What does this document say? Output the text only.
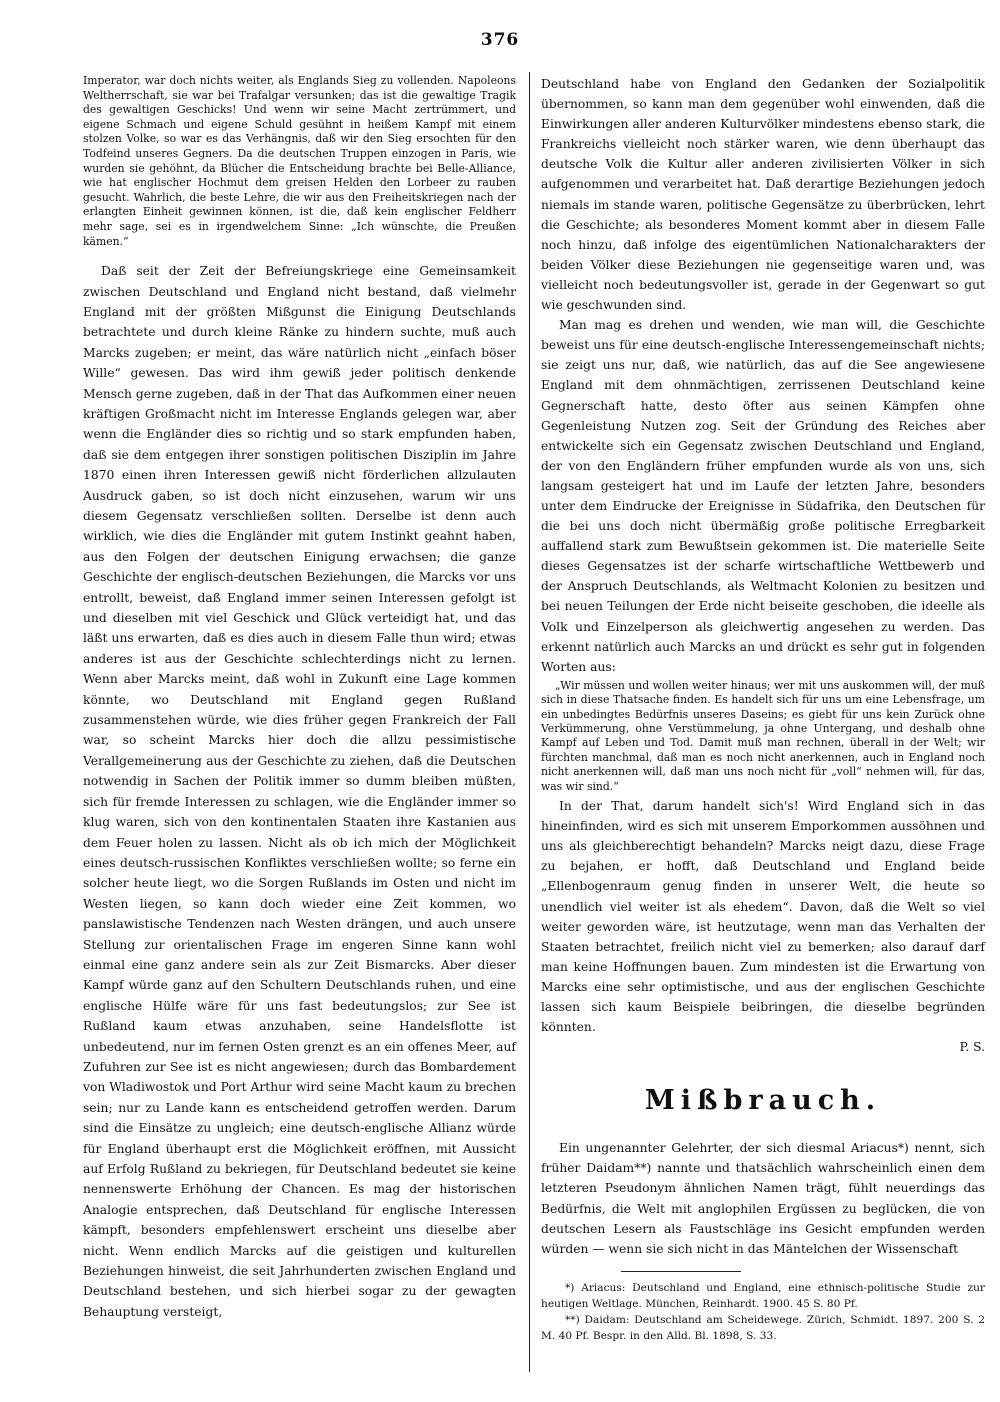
376

Imperator, war doch nichts weiter, als Englands Sieg zu vollenden. Napoleons Weltherrschaft, sie war bei Trafalgar versunken; das ist die gewaltige Tragik des gewaltigen Geschicks! Und wenn wir seine Macht zertrümmert, und eigene Schmach und eigene Schuld gesühnt in heißem Kampf mit einem stolzen Volke, so war es das Verhängnis, daß wir den Sieg ersochten für den Todfeind unseres Gegners. Da die deutschen Truppen einzogen in Paris, wie wurden sie gehöhnt, da Blücher die Entscheidung brachte bei Belle-Alliance, wie hat englischer Hochmut dem greisen Helden den Lorbeer zu rauben gesucht. Wahrlich, die beste Lehre, die wir aus den Freiheitskriegen nach der erlangten Einheit gewinnen können, ist die, daß kein englischer Feldherr mehr sage, sei es in irgendwelchem Sinne: „Ich wünschte, die Preußen kämen.“

Daß seit der Zeit der Befreiungskriege eine Gemeinsamkeit zwischen Deutschland und England nicht bestand, daß vielmehr England mit der größten Mißgunst die Einigung Deutschlands betrachtete und durch kleine Ränke zu hindern suchte, muß auch Marcks zugeben; er meint, das wäre natürlich nicht „einfach böser Wille“ gewesen. Das wird ihm gewiß jeder politisch denkende Mensch gerne zugeben, daß in der That das Aufkommen einer neuen kräftigen Großmacht nicht im Interesse Englands gelegen war, aber wenn die Engländer dies so richtig und so stark empfunden haben, daß sie dem entgegen ihrer sonstigen politischen Disziplin im Jahre 1870 einen ihren Interessen gewiß nicht förderlichen allzulauten Ausdruck gaben, so ist doch nicht einzusehen, warum wir uns diesem Gegensatz verschließen sollten. Derselbe ist denn auch wirklich, wie dies die Engländer mit gutem Instinkt geahnt haben, aus den Folgen der deutschen Einigung erwachsen; die ganze Geschichte der englisch-deutschen Beziehungen, die Marcks vor uns entrollt, beweist, daß England immer seinen Interessen gefolgt ist und dieselben mit viel Geschick und Glück verteidigt hat, und das läßt uns erwarten, daß es dies auch in diesem Falle thun wird; etwas anderes ist aus der Geschichte schlechterdings nicht zu lernen. Wenn aber Marcks meint, daß wohl in Zukunft eine Lage kommen könnte, wo Deutschland mit England gegen Rußland zusammenstehen würde, wie dies früher gegen Frankreich der Fall war, so scheint Marcks hier doch die allzu pessimistische Verallgemeinerung aus der Geschichte zu ziehen, daß die Deutschen notwendig in Sachen der Politik immer so dumm bleiben müßten, sich für fremde Interessen zu schlagen, wie die Engländer immer so klug waren, sich von den kontinentalen Staaten ihre Kastanien aus dem Feuer holen zu lassen. Nicht als ob ich mich der Möglichkeit eines deutsch-russischen Konfliktes verschließen wollte; so ferne ein solcher heute liegt, wo die Sorgen Rußlands im Osten und nicht im Westen liegen, so kann doch wieder eine Zeit kommen, wo panslawistische Tendenzen nach Westen drängen, und auch unsere Stellung zur orientalischen Frage im engeren Sinne kann wohl einmal eine ganz andere sein als zur Zeit Bismarcks. Aber dieser Kampf würde ganz auf den Schultern Deutschlands ruhen, und eine englische Hülfe wäre für uns fast bedeutungslos; zur See ist Rußland kaum etwas anzuhaben, seine Handelsflotte ist unbedeutend, nur im fernen Osten grenzt es an ein offenes Meer, auf Zufuhren zur See ist es nicht angewiesen; durch das Bombardement von Wladiwostok und Port Arthur wird seine Macht kaum zu brechen sein; nur zu Lande kann es entscheidend getroffen werden. Darum sind die Einsätze zu ungleich; eine deutsch-englische Allianz würde für England überhaupt erst die Möglichkeit eröffnen, mit Aussicht auf Erfolg Rußland zu bekriegen, für Deutschland bedeutet sie keine nennenswerte Erhöhung der Chancen. Es mag der historischen Analogie entsprechen, daß Deutschland für englische Interessen kämpft, besonders empfehlenswert erscheint uns dieselbe aber nicht. Wenn endlich Marcks auf die geistigen und kulturellen Beziehungen hinweist, die seit Jahrhunderten zwischen England und Deutschland bestehen, und sich hierbei sogar zu der gewagten Behauptung versteigt,

Deutschland habe von England den Gedanken der Sozialpolitik übernommen, so kann man dem gegenüber wohl einwenden, daß die Einwirkungen aller anderen Kulturvölker mindestens ebenso stark, die Frankreichs vielleicht noch stärker waren, wie denn überhaupt das deutsche Volk die Kultur aller anderen zivilisierten Völker in sich aufgenommen und verarbeitet hat. Daß derartige Beziehungen jedoch niemals im stande waren, politische Gegensätze zu überbrücken, lehrt die Geschichte; als besonderes Moment kommt aber in diesem Falle noch hinzu, daß infolge des eigentümlichen Nationalcharakters der beiden Völker diese Beziehungen nie gegenseitige waren und, was vielleicht noch bedeutungsvoller ist, gerade in der Gegenwart so gut wie geschwunden sind.

Man mag es drehen und wenden, wie man will, die Geschichte beweist uns für eine deutsch-englische Interessengemeinschaft nichts; sie zeigt uns nur, daß, wie natürlich, das auf die See angewiesene England mit dem ohnmächtigen, zerrissenen Deutschland keine Gegnerschaft hatte, desto öfter aus seinen Kämpfen ohne Gegenleistung Nutzen zog. Seit der Gründung des Reiches aber entwickelte sich ein Gegensatz zwischen Deutschland und England, der von den Engländern früher empfunden wurde als von uns, sich langsam gesteigert hat und im Laufe der letzten Jahre, besonders unter dem Eindrucke der Ereignisse in Südafrika, den Deutschen für die bei uns doch nicht übermäßig große politische Erregbarkeit auffallend stark zum Bewußtsein gekommen ist. Die materielle Seite dieses Gegensatzes ist der scharfe wirtschaftliche Wettbewerb und der Anspruch Deutschlands, als Weltmacht Kolonien zu besitzen und bei neuen Teilungen der Erde nicht beiseite geschoben, die ideelle als Volk und Einzelperson als gleichwertig angesehen zu werden. Das erkennt natürlich auch Marcks an und drückt es sehr gut in folgenden Worten aus:

„Wir müssen und wollen weiter hinaus; wer mit uns auskommen will, der muß sich in diese Thatsache finden. Es handelt sich für uns um eine Lebensfrage, um ein unbedingtes Bedürfnis unseres Daseins; es giebt für uns kein Zurück ohne Verkümmerung, ohne Verstümmelung, ja ohne Untergang, und deshalb ohne Kampf auf Leben und Tod. Damit muß man rechnen, überall in der Welt; wir fürchten manchmal, daß man es noch nicht anerkennen, auch in England noch nicht anerkennen will, daß man uns noch nicht für „voll“ nehmen will, für das, was wir sind.“

In der That, darum handelt sich's! Wird England sich in das hineinfinden, wird es sich mit unserem Emporkommen aussöhnen und uns als gleichberechtigt behandeln? Marcks neigt dazu, diese Frage zu bejahen, er hofft, daß Deutschland und England beide „Ellenbogenraum genug finden in unserer Welt, die heute so unendlich viel weiter ist als ehedem“. Davon, daß die Welt so viel weiter geworden wäre, ist heutzutage, wenn man das Verhalten der Staaten betrachtet, freilich nicht viel zu bemerken; also darauf darf man keine Hoffnungen bauen. Zum mindesten ist die Erwartung von Marcks eine sehr optimistische, und aus der englischen Geschichte lassen sich kaum Beispiele beibringen, die dieselbe begründen könnten.

P. S.

Mißbrauch.

Ein ungenannter Gelehrter, der sich diesmal Ariacus*) nennt, sich früher Daidam**) nannte und thatsächlich wahrscheinlich einen dem letzteren Pseudonym ähnlichen Namen trägt, fühlt neuerdings das Bedürfnis, die Welt mit anglophilen Ergüssen zu beglücken, die von deutschen Lesern als Faustschläge ins Gesicht empfunden werden würden — wenn sie sich nicht in das Mäntelchen der Wissenschaft

*) Ariacus: Deutschland und England, eine ethnisch-politische Studie zur heutigen Weltlage. München, Reinhardt. 1900. 45 S. 80 Pf.

**) Daidam: Deutschland am Scheidewege. Zürich, Schmidt. 1897. 200 S. 2 M. 40 Pf. Bespr. in den Alld. Bl. 1898, S. 33.
